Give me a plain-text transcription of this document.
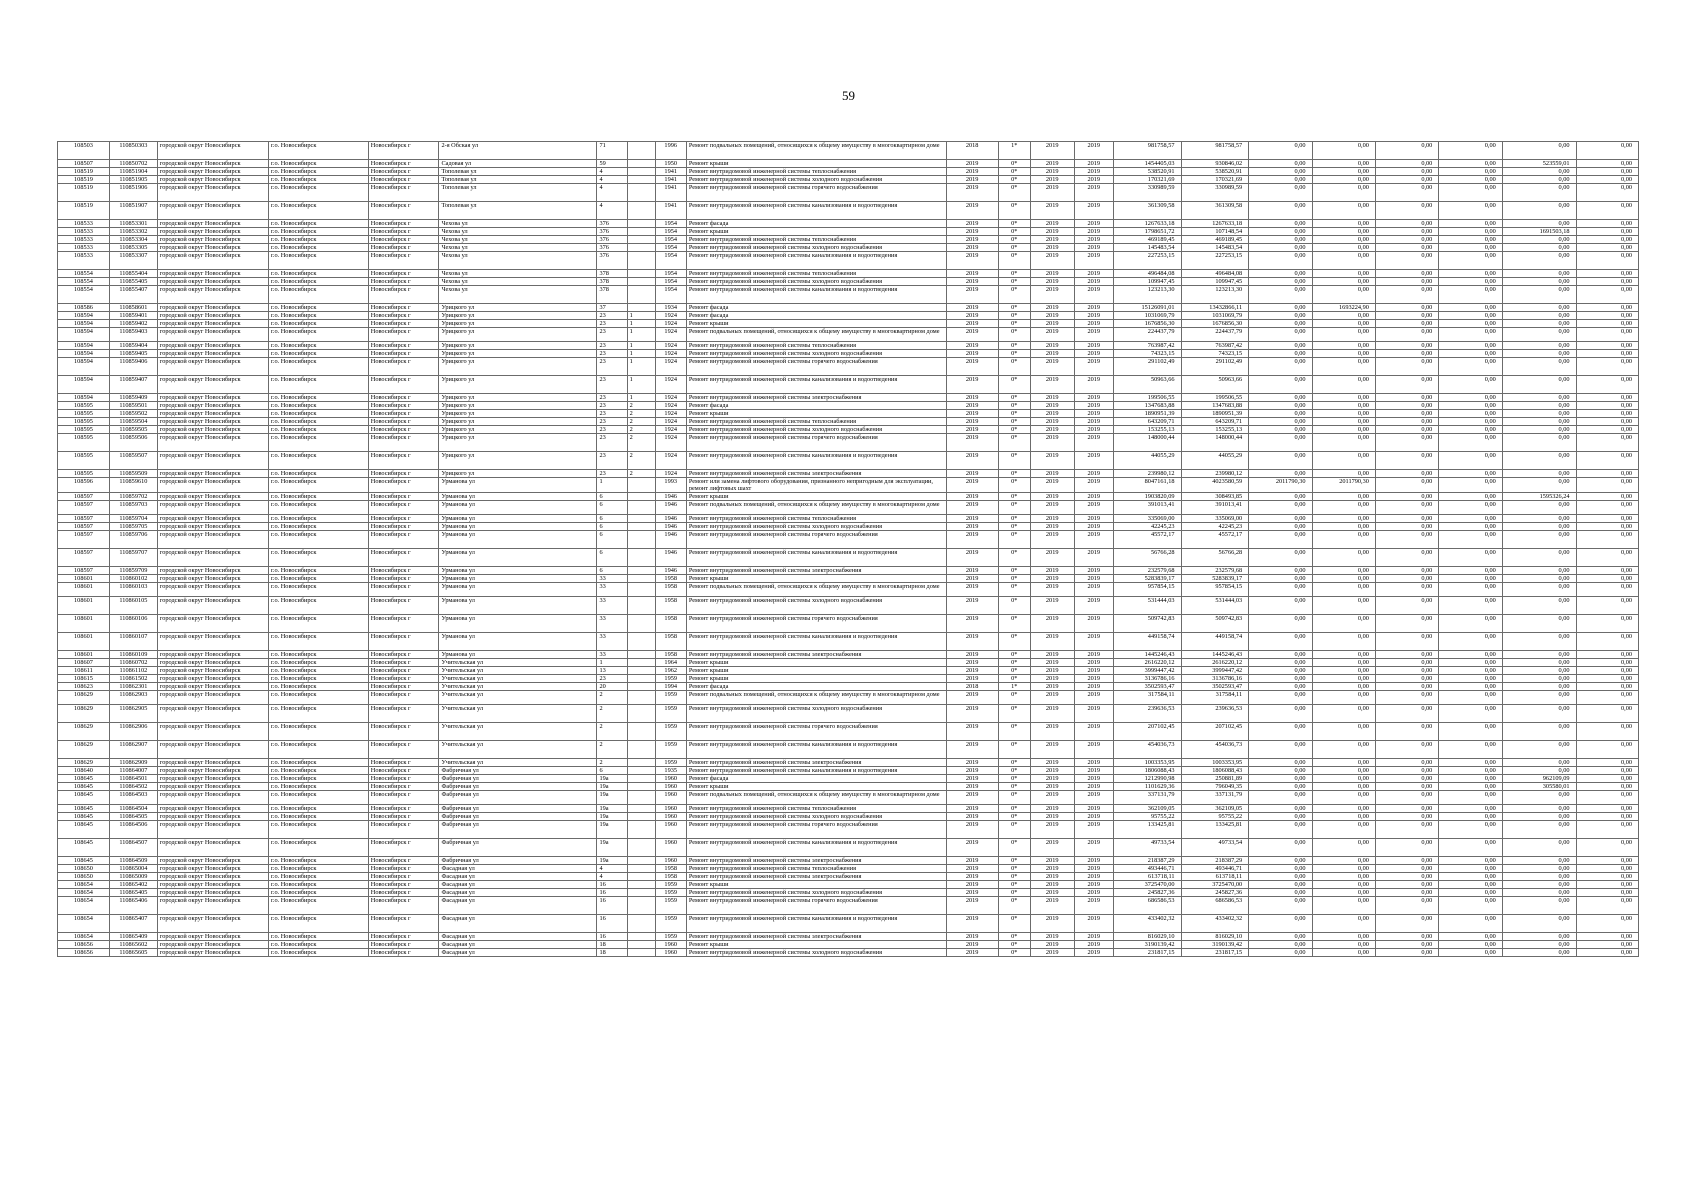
59
108503	110850303	городской округ Новосибирск	г.о. Новосибирск	Новосибирск г	2-я Обская ул	71		1996	Ремонт подвальных помещений, относящихся к общему имуществу в многоквартирном доме	2018	1*	2019	2019	981758,57	981758,57	0,00	0,00	0,00	0,00	0,00	0,00
108507	110850702	городской округ Новосибирск	г.о. Новосибирск	Новосибирск г	Садовая ул	59		1950	Ремонт крыши	2019	0*	2019	2019	1454405,03	930846,02	0,00	0,00	0,00	0,00	523559,01	0,00
108519	110851904	городской округ Новосибирск	г.о. Новосибирск	Новосибирск г	Тополевая ул	4		1941	Ремонт внутридомовой инженерной системы теплоснабжения	2019	0*	2019	2019	538520,91	538520,91	0,00	0,00	0,00	0,00	0,00	0,00
108519	110851905	городской округ Новосибирск	г.о. Новосибирск	Новосибирск г	Тополевая ул	4		1941	Ремонт внутридомовой инженерной системы холодного водоснабжения	2019	0*	2019	2019	170321,69	170321,69	0,00	0,00	0,00	0,00	0,00	0,00
108519	110851906	городской округ Новосибирск	г.о. Новосибирск	Новосибирск г	Тополевая ул	4		1941	Ремонт внутридомовой инженерной системы горячего водоснабжения	2019	0*	2019	2019	330989,59	330989,59	0,00	0,00	0,00	0,00	0,00	0,00
108519	110851907	городской округ Новосибирск	г.о. Новосибирск	Новосибирск г	Тополевая ул	4		1941	Ремонт внутридомовой инженерной системы канализования и водоотведения	2019	0*	2019	2019	361309,58	361309,58	0,00	0,00	0,00	0,00	0,00	0,00
108533	110853301	городской округ Новосибирск	г.о. Новосибирск	Новосибирск г	Чехова ул	376		1954	Ремонт фасада	2019	0*	2019	2019	1267633,18	1267633,18	0,00	0,00	0,00	0,00	0,00	0,00
108533	110853302	городской округ Новосибирск	г.о. Новосибирск	Новосибирск г	Чехова ул	376		1954	Ремонт крыши	2019	0*	2019	2019	1798651,72	107148,54	0,00	0,00	0,00	0,00	1691503,18	0,00
108533	110853304	городской округ Новосибирск	г.о. Новосибирск	Новосибирск г	Чехова ул	376		1954	Ремонт внутридомовой инженерной системы теплоснабжения	2019	0*	2019	2019	469189,45	469189,45	0,00	0,00	0,00	0,00	0,00	0,00
108533	110853305	городской округ Новосибирск	г.о. Новосибирск	Новосибирск г	Чехова ул	376		1954	Ремонт внутридомовой инженерной системы холодного водоснабжения	2019	0*	2019	2019	145483,54	145483,54	0,00	0,00	0,00	0,00	0,00	0,00
108533	110853307	городской округ Новосибирск	г.о. Новосибирск	Новосибирск г	Чехова ул	376		1954	Ремонт внутридомовой инженерной системы канализования и водоотведения	2019	0*	2019	2019	227253,15	227253,15	0,00	0,00	0,00	0,00	0,00	0,00
108554	110855404	городской округ Новосибирск	г.о. Новосибирск	Новосибирск г	Чехова ул	378		1954	Ремонт внутридомовой инженерной системы теплоснабжения	2019	0*	2019	2019	496484,08	496484,08	0,00	0,00	0,00	0,00	0,00	0,00
108554	110855405	городской округ Новосибирск	г.о. Новосибирск	Новосибирск г	Чехова ул	378		1954	Ремонт внутридомовой инженерной системы холодного водоснабжения	2019	0*	2019	2019	109947,45	109947,45	0,00	0,00	0,00	0,00	0,00	0,00
108554	110855407	городской округ Новосибирск	г.о. Новосибирск	Новосибирск г	Чехова ул	378		1954	Ремонт внутридомовой инженерной системы канализования и водоотведения	2019	0*	2019	2019	123213,30	123213,30	0,00	0,00	0,00	0,00	0,00	0,00
108586	110858601	городской округ Новосибирск	г.о. Новосибирск	Новосибирск г	Урицкого ул	37		1934	Ремонт фасада	2019	0*	2019	2019	15126091,01	13432866,11	0,00	1693224,90	0,00	0,00	0,00	0,00
108594	110859401	городской округ Новосибирск	г.о. Новосибирск	Новосибирск г	Урицкого ул	23	1	1924	Ремонт фасада	2019	0*	2019	2019	1031069,79	1031069,79	0,00	0,00	0,00	0,00	0,00	0,00
108594	110859402	городской округ Новосибирск	г.о. Новосибирск	Новосибирск г	Урицкого ул	23	1	1924	Ремонт крыши	2019	0*	2019	2019	1676856,30	1676856,30	0,00	0,00	0,00	0,00	0,00	0,00
108594	110859403	городской округ Новосибирск	г.о. Новосибирск	Новосибирск г	Урицкого ул	23	1	1924	Ремонт подвальных помещений, относящихся к общему имуществу в многоквартирном доме	2019	0*	2019	2019	224437,79	224437,79	0,00	0,00	0,00	0,00	0,00	0,00
108594	110859404	городской округ Новосибирск	г.о. Новосибирск	Новосибирск г	Урицкого ул	23	1	1924	Ремонт внутридомовой инженерной системы теплоснабжения	2019	0*	2019	2019	763987,42	763987,42	0,00	0,00	0,00	0,00	0,00	0,00
108594	110859405	городской округ Новосибирск	г.о. Новосибирск	Новосибирск г	Урицкого ул	23	1	1924	Ремонт внутридомовой инженерной системы холодного водоснабжения	2019	0*	2019	2019	74323,15	74323,15	0,00	0,00	0,00	0,00	0,00	0,00
108594	110859406	городской округ Новосибирск	г.о. Новосибирск	Новосибирск г	Урицкого ул	23	1	1924	Ремонт внутридомовой инженерной системы горячего водоснабжения	2019	0*	2019	2019	291102,49	291102,49	0,00	0,00	0,00	0,00	0,00	0,00
108594	110859407	городской округ Новосибирск	г.о. Новосибирск	Новосибирск г	Урицкого ул	23	1	1924	Ремонт внутридомовой инженерной системы канализования и водоотведения	2019	0*	2019	2019	50963,66	50963,66	0,00	0,00	0,00	0,00	0,00	0,00
108594	110859409	городской округ Новосибирск	г.о. Новосибирск	Новосибирск г	Урицкого ул	23	1	1924	Ремонт внутридомовой инженерной системы электроснабжения	2019	0*	2019	2019	199506,55	199506,55	0,00	0,00	0,00	0,00	0,00	0,00
108595	110859501	городской округ Новосибирск	г.о. Новосибирск	Новосибирск г	Урицкого ул	23	2	1924	Ремонт фасада	2019	0*	2019	2019	1347683,88	1347683,88	0,00	0,00	0,00	0,00	0,00	0,00
108595	110859502	городской округ Новосибирск	г.о. Новосибирск	Новосибирск г	Урицкого ул	23	2	1924	Ремонт крыши	2019	0*	2019	2019	1890951,39	1890951,39	0,00	0,00	0,00	0,00	0,00	0,00
108595	110859504	городской округ Новосибирск	г.о. Новосибирск	Новосибирск г	Урицкого ул	23	2	1924	Ремонт внутридомовой инженерной системы теплоснабжения	2019	0*	2019	2019	643209,71	643209,71	0,00	0,00	0,00	0,00	0,00	0,00
108595	110859505	городской округ Новосибирск	г.о. Новосибирск	Новосибирск г	Урицкого ул	23	2	1924	Ремонт внутридомовой инженерной системы холодного водоснабжения	2019	0*	2019	2019	153255,13	153255,13	0,00	0,00	0,00	0,00	0,00	0,00
108595	110859506	городской округ Новосибирск	г.о. Новосибирск	Новосибирск г	Урицкого ул	23	2	1924	Ремонт внутридомовой инженерной системы горячего водоснабжения	2019	0*	2019	2019	148000,44	148000,44	0,00	0,00	0,00	0,00	0,00	0,00
108595	110859507	городской округ Новосибирск	г.о. Новосибирск	Новосибирск г	Урицкого ул	23	2	1924	Ремонт внутридомовой инженерной системы канализования и водоотведения	2019	0*	2019	2019	44055,29	44055,29	0,00	0,00	0,00	0,00	0,00	0,00
108595	110859509	городской округ Новосибирск	г.о. Новосибирск	Новосибирск г	Урицкого ул	23	2	1924	Ремонт внутридомовой инженерной системы электроснабжения	2019	0*	2019	2019	239980,12	239980,12	0,00	0,00	0,00	0,00	0,00	0,00
108596	110859610	городской округ Новосибирск	г.о. Новосибирск	Новосибирск г	Урманова ул	1		1993	Ремонт или замена лифтового оборудования, признанного непригодным для эксплуатации, ремонт лифтовых шахт	2019	0*	2019	2019	8047161,18	4023580,59	2011790,30	2011790,30	0,00	0,00	0,00	0,00
108597	110859702	городской округ Новосибирск	г.о. Новосибирск	Новосибирск г	Урманова ул	6		1946	Ремонт крыши	2019	0*	2019	2019	1903820,09	308493,85	0,00	0,00	0,00	0,00	1595326,24	0,00
108597	110859703	городской округ Новосибирск	г.о. Новосибирск	Новосибирск г	Урманова ул	6		1946	Ремонт подвальных помещений, относящихся к общему имуществу в многоквартирном доме	2019	0*	2019	2019	391013,41	391013,41	0,00	0,00	0,00	0,00	0,00	0,00
108597	110859704	городской округ Новосибирск	г.о. Новосибирск	Новосибирск г	Урманова ул	6		1946	Ремонт внутридомовой инженерной системы теплоснабжения	2019	0*	2019	2019	335069,00	335069,00	0,00	0,00	0,00	0,00	0,00	0,00
108597	110859705	городской округ Новосибирск	г.о. Новосибирск	Новосибирск г	Урманова ул	6		1946	Ремонт внутридомовой инженерной системы холодного водоснабжения	2019	0*	2019	2019	42245,23	42245,23	0,00	0,00	0,00	0,00	0,00	0,00
108597	110859706	городской округ Новосибирск	г.о. Новосибирск	Новосибирск г	Урманова ул	6		1946	Ремонт внутридомовой инженерной системы горячего водоснабжения	2019	0*	2019	2019	45572,17	45572,17	0,00	0,00	0,00	0,00	0,00	0,00
108597	110859707	городской округ Новосибирск	г.о. Новосибирск	Новосибирск г	Урманова ул	6		1946	Ремонт внутридомовой инженерной системы канализования и водоотведения	2019	0*	2019	2019	56766,28	56766,28	0,00	0,00	0,00	0,00	0,00	0,00
108597	110859709	городской округ Новосибирск	г.о. Новосибирск	Новосибирск г	Урманова ул	6		1946	Ремонт внутридомовой инженерной системы электроснабжения	2019	0*	2019	2019	232579,68	232579,68	0,00	0,00	0,00	0,00	0,00	0,00
108601	110860102	городской округ Новосибирск	г.о. Новосибирск	Новосибирск г	Урманова ул	33		1958	Ремонт крыши	2019	0*	2019	2019	5283839,17	5283839,17	0,00	0,00	0,00	0,00	0,00	0,00
108601	110860103	городской округ Новосибирск	г.о. Новосибирск	Новосибирск г	Урманова ул	33		1958	Ремонт подвальных помещений, относящихся к общему имуществу в многоквартирном доме	2019	0*	2019	2019	957854,15	957854,15	0,00	0,00	0,00	0,00	0,00	0,00
108601	110860105	городской округ Новосибирск	г.о. Новосибирск	Новосибирск г	Урманова ул	33		1958	Ремонт внутридомовой инженерной системы холодного водоснабжения	2019	0*	2019	2019	531444,03	531444,03	0,00	0,00	0,00	0,00	0,00	0,00
108601	110860106	городской округ Новосибирск	г.о. Новосибирск	Новосибирск г	Урманова ул	33		1958	Ремонт внутридомовой инженерной системы горячего водоснабжения	2019	0*	2019	2019	509742,83	509742,83	0,00	0,00	0,00	0,00	0,00	0,00
108601	110860107	городской округ Новосибирск	г.о. Новосибирск	Новосибирск г	Урманова ул	33		1958	Ремонт внутридомовой инженерной системы канализования и водоотведения	2019	0*	2019	2019	449158,74	449158,74	0,00	0,00	0,00	0,00	0,00	0,00
108601	110860109	городской округ Новосибирск	г.о. Новосибирск	Новосибирск г	Урманова ул	33		1958	Ремонт внутридомовой инженерной системы электроснабжения	2019	0*	2019	2019	1445246,43	1445246,43	0,00	0,00	0,00	0,00	0,00	0,00
108607	110860702	городской округ Новосибирск	г.о. Новосибирск	Новосибирск г	Учительская ул	1		1964	Ремонт крыши	2019	0*	2019	2019	2616220,12	2616220,12	0,00	0,00	0,00	0,00	0,00	0,00
108611	110861102	городской округ Новосибирск	г.о. Новосибирск	Новосибирск г	Учительская ул	13		1962	Ремонт крыши	2019	0*	2019	2019	3999447,42	3999447,42	0,00	0,00	0,00	0,00	0,00	0,00
108615	110861502	городской округ Новосибирск	г.о. Новосибирск	Новосибирск г	Учительская ул	23		1959	Ремонт крыши	2019	0*	2019	2019	3136786,16	3136786,16	0,00	0,00	0,00	0,00	0,00	0,00
108623	110862301	городской округ Новосибирск	г.о. Новосибирск	Новосибирск г	Учительская ул	20		1994	Ремонт фасада	2018	1*	2019	2019	3502593,47	3502593,47	0,00	0,00	0,00	0,00	0,00	0,00
108629	110862903	городской округ Новосибирск	г.о. Новосибирск	Новосибирск г	Учительская ул	2		1959	Ремонт подвальных помещений, относящихся к общему имуществу в многоквартирном доме	2019	0*	2019	2019	317584,11	317584,11	0,00	0,00	0,00	0,00	0,00	0,00
108629	110862905	городской округ Новосибирск	г.о. Новосибирск	Новосибирск г	Учительская ул	2		1959	Ремонт внутридомовой инженерной системы холодного водоснабжения	2019	0*	2019	2019	239636,53	239636,53	0,00	0,00	0,00	0,00	0,00	0,00
108629	110862906	городской округ Новосибирск	г.о. Новосибирск	Новосибирск г	Учительская ул	2		1959	Ремонт внутридомовой инженерной системы горячего водоснабжения	2019	0*	2019	2019	207102,45	207102,45	0,00	0,00	0,00	0,00	0,00	0,00
108629	110862907	городской округ Новосибирск	г.о. Новосибирск	Новосибирск г	Учительская ул	2		1959	Ремонт внутридомовой инженерной системы канализования и водоотведения	2019	0*	2019	2019	454036,73	454036,73	0,00	0,00	0,00	0,00	0,00	0,00
108629	110862909	городской округ Новосибирск	г.о. Новосибирск	Новосибирск г	Учительская ул	2		1959	Ремонт внутридомовой инженерной системы электроснабжения	2019	0*	2019	2019	1003353,95	1003353,95	0,00	0,00	0,00	0,00	0,00	0,00
108640	110864007	городской округ Новосибирск	г.о. Новосибирск	Новосибирск г	Фабричная ул	6		1935	Ремонт внутридомовой инженерной системы канализования и водоотведения	2019	0*	2019	2019	1806088,43	1806088,43	0,00	0,00	0,00	0,00	0,00	0,00
108645	110864501	городской округ Новосибирск	г.о. Новосибирск	Новосибирск г	Фабричная ул	19а		1960	Ремонт фасада	2019	0*	2019	2019	1212990,98	250881,89	0,00	0,00	0,00	0,00	962109,09	0,00
108645	110864502	городской округ Новосибирск	г.о. Новосибирск	Новосибирск г	Фабричная ул	19а		1960	Ремонт крыши	2019	0*	2019	2019	1101629,36	796049,35	0,00	0,00	0,00	0,00	305580,01	0,00
108645	110864503	городской округ Новосибирск	г.о. Новосибирск	Новосибирск г	Фабричная ул	19а		1960	Ремонт подвальных помещений, относящихся к общему имуществу в многоквартирном доме	2019	0*	2019	2019	337131,79	337131,79	0,00	0,00	0,00	0,00	0,00	0,00
108645	110864504	городской округ Новосибирск	г.о. Новосибирск	Новосибирск г	Фабричная ул	19а		1960	Ремонт внутридомовой инженерной системы теплоснабжения	2019	0*	2019	2019	362109,05	362109,05	0,00	0,00	0,00	0,00	0,00	0,00
108645	110864505	городской округ Новосибирск	г.о. Новосибирск	Новосибирск г	Фабричная ул	19а		1960	Ремонт внутридомовой инженерной системы холодного водоснабжения	2019	0*	2019	2019	95755,22	95755,22	0,00	0,00	0,00	0,00	0,00	0,00
108645	110864506	городской округ Новосибирск	г.о. Новосибирск	Новосибирск г	Фабричная ул	19а		1960	Ремонт внутридомовой инженерной системы горячего водоснабжения	2019	0*	2019	2019	133425,81	133425,81	0,00	0,00	0,00	0,00	0,00	0,00
108645	110864507	городской округ Новосибирск	г.о. Новосибирск	Новосибирск г	Фабричная ул	19а		1960	Ремонт внутридомовой инженерной системы канализования и водоотведения	2019	0*	2019	2019	49733,54	49733,54	0,00	0,00	0,00	0,00	0,00	0,00
108645	110864509	городской округ Новосибирск	г.о. Новосибирск	Новосибирск г	Фабричная ул	19а		1960	Ремонт внутридомовой инженерной системы электроснабжения	2019	0*	2019	2019	218387,29	218387,29	0,00	0,00	0,00	0,00	0,00	0,00
108650	110865004	городской округ Новосибирск	г.о. Новосибирск	Новосибирск г	Фасадная ул	4		1958	Ремонт внутридомовой инженерной системы теплоснабжения	2019	0*	2019	2019	493446,71	493446,71	0,00	0,00	0,00	0,00	0,00	0,00
108650	110865009	городской округ Новосибирск	г.о. Новосибирск	Новосибирск г	Фасадная ул	4		1958	Ремонт внутридомовой инженерной системы электроснабжения	2019	0*	2019	2019	613718,11	613718,11	0,00	0,00	0,00	0,00	0,00	0,00
108654	110865402	городской округ Новосибирск	г.о. Новосибирск	Новосибирск г	Фасадная ул	16		1959	Ремонт крыши	2019	0*	2019	2019	3725470,00	3725470,00	0,00	0,00	0,00	0,00	0,00	0,00
108654	110865405	городской округ Новосибирск	г.о. Новосибирск	Новосибирск г	Фасадная ул	16		1959	Ремонт внутридомовой инженерной системы холодного водоснабжения	2019	0*	2019	2019	245827,36	245827,36	0,00	0,00	0,00	0,00	0,00	0,00
108654	110865406	городской округ Новосибирск	г.о. Новосибирск	Новосибирск г	Фасадная ул	16		1959	Ремонт внутридомовой инженерной системы горячего водоснабжения	2019	0*	2019	2019	686586,53	686586,53	0,00	0,00	0,00	0,00	0,00	0,00
108654	110865407	городской округ Новосибирск	г.о. Новосибирск	Новосибирск г	Фасадная ул	16		1959	Ремонт внутридомовой инженерной системы канализования и водоотведения	2019	0*	2019	2019	433402,32	433402,32	0,00	0,00	0,00	0,00	0,00	0,00
108654	110865409	городской округ Новосибирск	г.о. Новосибирск	Новосибирск г	Фасадная ул	16		1959	Ремонт внутридомовой инженерной системы электроснабжения	2019	0*	2019	2019	816029,10	816029,10	0,00	0,00	0,00	0,00	0,00	0,00
108656	110865602	городской округ Новосибирск	г.о. Новосибирск	Новосибирск г	Фасадная ул	18		1960	Ремонт крыши	2019	0*	2019	2019	3190139,42	3190139,42	0,00	0,00	0,00	0,00	0,00	0,00
108656	110865605	городской округ Новосибирск	г.о. Новосибирск	Новосибирск г	Фасадная ул	18		1960	Ремонт внутридомовой инженерной системы холодного водоснабжения	2019	0*	2019	2019	231817,15	231817,15	0,00	0,00	0,00	0,00	0,00	0,00
